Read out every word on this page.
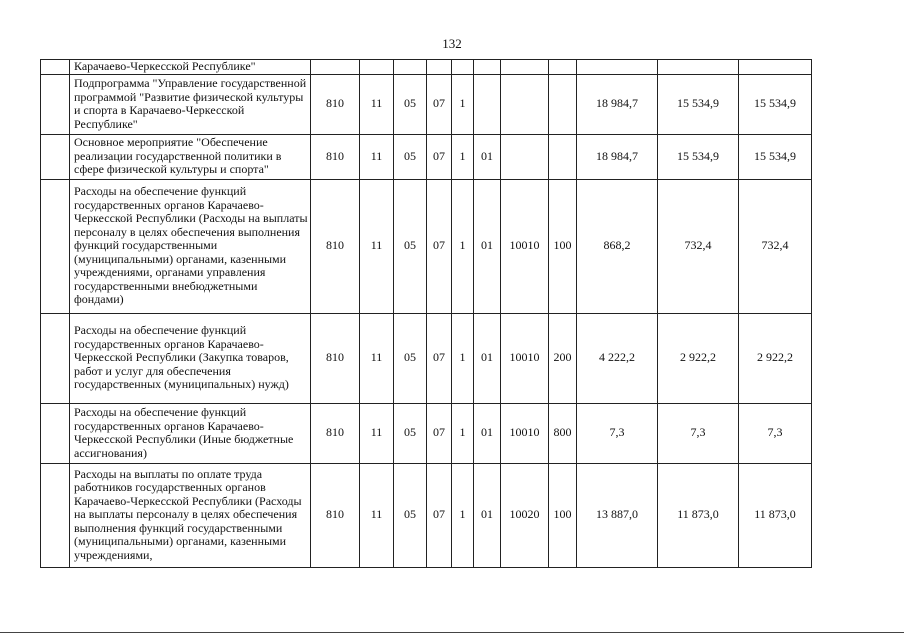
132
	Карачаево-Черкесской Республике"											
	Подпрограмма "Управление государственной программой "Развитие физической культуры и спорта в Карачаево-Черкесской Республике"	810	11	05	07	1				18 984,7	15 534,9	15 534,9
	Основное мероприятие "Обеспечение реализации государственной политики в сфере физической культуры и спорта"	810	11	05	07	1	01			18 984,7	15 534,9	15 534,9
	Расходы на обеспечение функций государственных органов Карачаево-Черкесской Республики (Расходы на выплаты персоналу в целях обеспечения выполнения функций государственными (муниципальными) органами, казенными учреждениями, органами управления государственными внебюджетными фондами)	810	11	05	07	1	01	10010	100	868,2	732,4	732,4
	Расходы на обеспечение функций государственных органов Карачаево-Черкесской Республики (Закупка товаров, работ и услуг для обеспечения государственных (муниципальных) нужд)	810	11	05	07	1	01	10010	200	4 222,2	2 922,2	2 922,2
	Расходы на обеспечение функций государственных органов Карачаево-Черкесской Республики (Иные бюджетные ассигнования)	810	11	05	07	1	01	10010	800	7,3	7,3	7,3
	Расходы на выплаты по оплате труда работников государственных органов Карачаево-Черкесской Республики (Расходы на выплаты персоналу в целях обеспечения выполнения функций государственными (муниципальными) органами, казенными учреждениями,	810	11	05	07	1	01	10020	100	13 887,0	11 873,0	11 873,0
